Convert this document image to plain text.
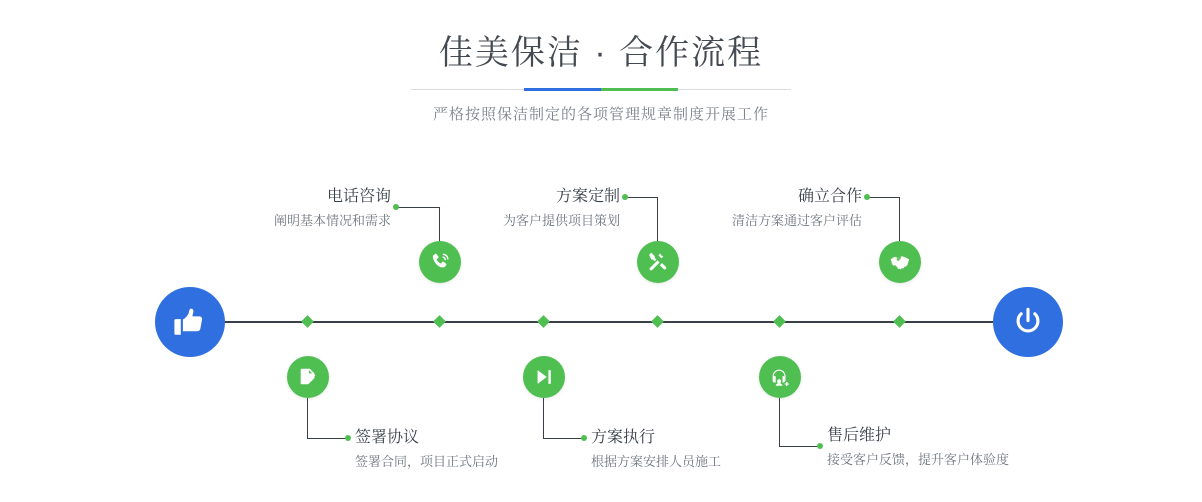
佳美保洁 · 合作流程

严格按照保洁制定的各项管理规章制度开展工作

电话咨询
阐明基本情况和需求
签署协议
签署合同，项目正式启动
方案定制
为客户提供项目策划
方案执行
根据方案安排人员施工
确立合作
清洁方案通过客户评估
售后维护
接受客户反馈，提升客户体验度
